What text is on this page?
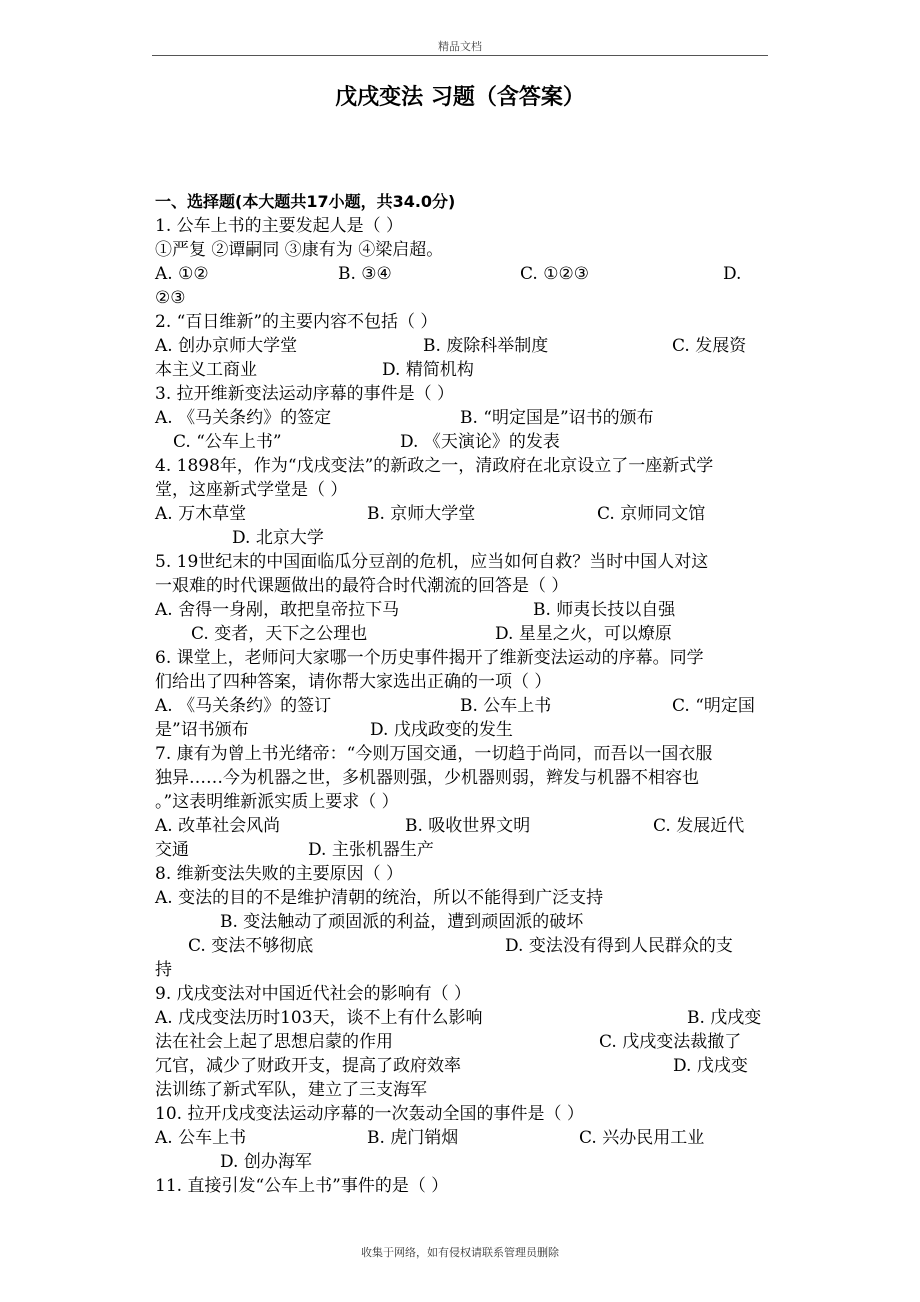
精品文档
戊戌变法 习题（含答案）
一、选择题(本大题共17小题，共34.0分)
1. 公车上书的主要发起人是（ ）
①严复 ②谭嗣同 ③康有为 ④梁启超。
A. ①②	B. ③④	C. ①②③	D.
②③
2. “百日维新”的主要内容不包括（ ）
A. 创办京师大学堂	B. 废除科举制度	C. 发展资
本主义工商业	D. 精简机构
3. 拉开维新变法运动序幕的事件是（ ）
A. 《马关条约》的签定	B. “明定国是”诏书的颁布
C. “公车上书”	D. 《天演论》的发表
4. 1898年，作为“戊戌变法”的新政之一，清政府在北京设立了一座新式学
堂，这座新式学堂是（ ）
A. 万木草堂	B. 京师大学堂	C. 京师同文馆
D. 北京大学
5. 19世纪末的中国面临瓜分豆剖的危机，应当如何自救？当时中国人对这
一艰难的时代课题做出的最符合时代潮流的回答是（ ）
A. 舍得一身剐，敢把皇帝拉下马	B. 师夷长技以自强
C. 变者，天下之公理也	D. 星星之火，可以燎原
6. 课堂上，老师问大家哪一个历史事件揭开了维新变法运动的序幕。同学
们给出了四种答案，请你帮大家选出正确的一项（ ）
A. 《马关条约》的签订	B. 公车上书	C. “明定国
是”诏书颁布	D. 戊戌政变的发生
7. 康有为曾上书光绪帝：“今则万国交通，一切趋于尚同，而吾以一国衣服
独异……今为机器之世，多机器则强，少机器则弱，辫发与机器不相容也
。”这表明维新派实质上要求（ ）
A. 改革社会风尚	B. 吸收世界文明	C. 发展近代
交通	D. 主张机器生产
8. 维新变法失败的主要原因（ ）
A. 变法的目的不是维护清朝的统治，所以不能得到广泛支持
B. 变法触动了顽固派的利益，遭到顽固派的破坏
C. 变法不够彻底	D. 变法没有得到人民群众的支
持
9. 戊戌变法对中国近代社会的影响有（ ）
A. 戊戌变法历时103天，谈不上有什么影响	B. 戊戌变
法在社会上起了思想启蒙的作用	C. 戊戌变法裁撤了
冗官，减少了财政开支，提高了政府效率	D. 戊戌变
法训练了新式军队，建立了三支海军
10. 拉开戊戌变法运动序幕的一次轰动全国的事件是（ ）
A. 公车上书	B. 虎门销烟	C. 兴办民用工业
D. 创办海军
11. 直接引发“公车上书”事件的是（ ）
收集于网络，如有侵权请联系管理员删除
